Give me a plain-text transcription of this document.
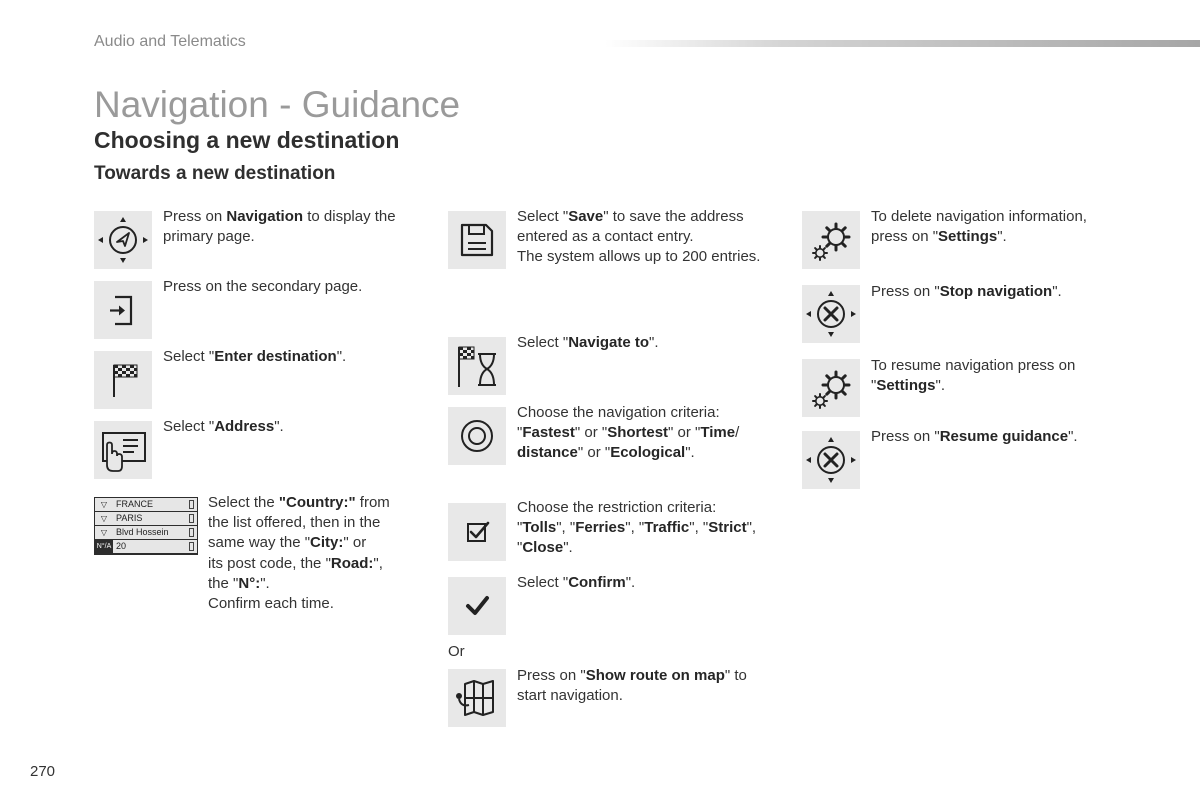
Audio and Telematics
Navigation - Guidance
Choosing a new destination
Towards a new destination
Press on Navigation to display the
primary page.
Press on the secondary page.
Select "Enter destination".
Select "Address".
▽ FRANCE
▽ PARIS
▽ Blvd Hossein
N°/A 20
Select the "Country:" from
the list offered, then in the
same way the "City:" or
its post code, the "Road:",
the "N°:".
Confirm each time.
Select "Save" to save the address
entered as a contact entry.
The system allows up to 200 entries.
Select "Navigate to".
Choose the navigation criteria:
"Fastest" or "Shortest" or "Time/
distance" or "Ecological".
Choose the restriction criteria:
"Tolls", "Ferries", "Traffic", "Strict",
"Close".
Select "Confirm".
Or
Press on "Show route on map" to
start navigation.
To delete navigation information,
press on "Settings".
Press on "Stop navigation".
To resume navigation press on
"Settings".
Press on "Resume guidance".
270
